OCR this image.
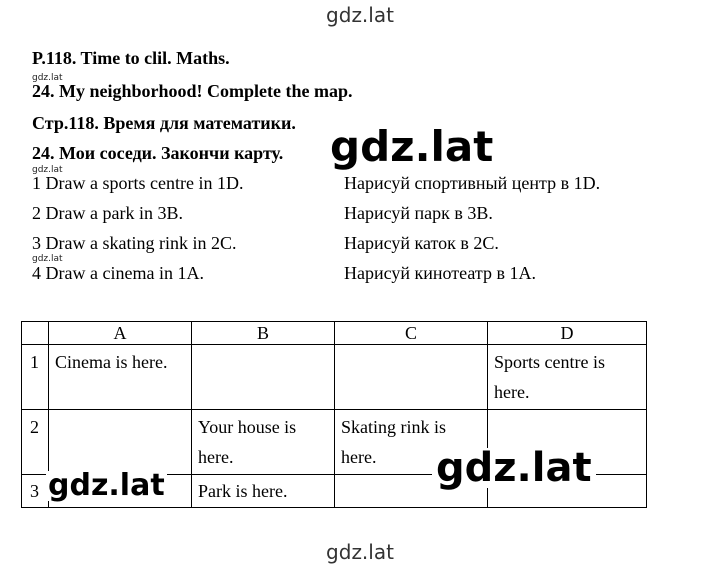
gdz.lat
P.118. Time to clil. Maths.
gdz.lat
24. My neighborhood! Complete the map.
Стр.118. Время для математики.
24. Мои соседи. Закончи карту. gdz.lat
gdz.lat
1 Draw a sports centre in 1D.	Нарисуй спортивный центр в 1D.
2 Draw a park in 3B.	Нарисуй парк в 3B.
3 Draw a skating rink in 2C.	Нарисуй каток в 2C.
gdz.lat
4 Draw a cinema in 1A.	Нарисуй кинотеатр в 1A.
	A	B	C	D
1	Cinema is here.			Sports centre is here.
2		Your house is here.	Skating rink is here.	
3		Park is here.		
gdz.lat	gdz.lat
gdz.lat
